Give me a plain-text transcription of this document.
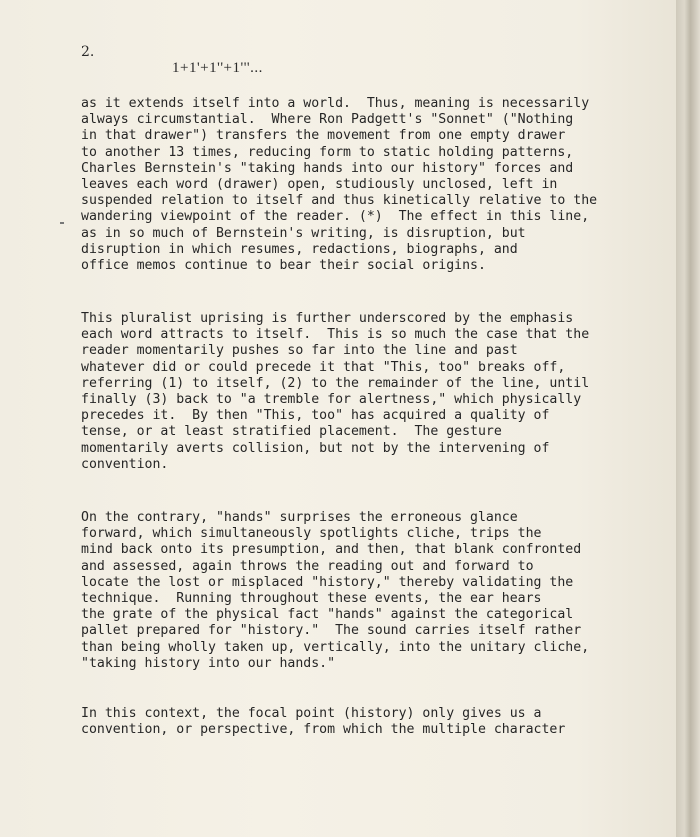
2.

1+1'+1''+1'''...

as it extends itself into a world.  Thus, meaning is necessarily
always circumstantial.  Where Ron Padgett's "Sonnet" ("Nothing
in that drawer") transfers the movement from one empty drawer
to another 13 times, reducing form to static holding patterns,
Charles Bernstein's "taking hands into our history" forces and
leaves each word (drawer) open, studiously unclosed, left in
suspended relation to itself and thus kinetically relative to the
wandering viewpoint of the reader. (*)  The effect in this line,
as in so much of Bernstein's writing, is disruption, but
disruption in which resumes, redactions, biographs, and
office memos continue to bear their social origins.

This pluralist uprising is further underscored by the emphasis
each word attracts to itself.  This is so much the case that the
reader momentarily pushes so far into the line and past
whatever did or could precede it that "This, too" breaks off,
referring (1) to itself, (2) to the remainder of the line, until
finally (3) back to "a tremble for alertness," which physically
precedes it.  By then "This, too" has acquired a quality of
tense, or at least stratified placement.  The gesture
momentarily averts collision, but not by the intervening of
convention.

On the contrary, "hands" surprises the erroneous glance
forward, which simultaneously spotlights cliche, trips the
mind back onto its presumption, and then, that blank confronted
and assessed, again throws the reading out and forward to
locate the lost or misplaced "history," thereby validating the
technique.  Running throughout these events, the ear hears
the grate of the physical fact "hands" against the categorical
pallet prepared for "history."  The sound carries itself rather
than being wholly taken up, vertically, into the unitary cliche,
"taking history into our hands."

In this context, the focal point (history) only gives us a
convention, or perspective, from which the multiple character
